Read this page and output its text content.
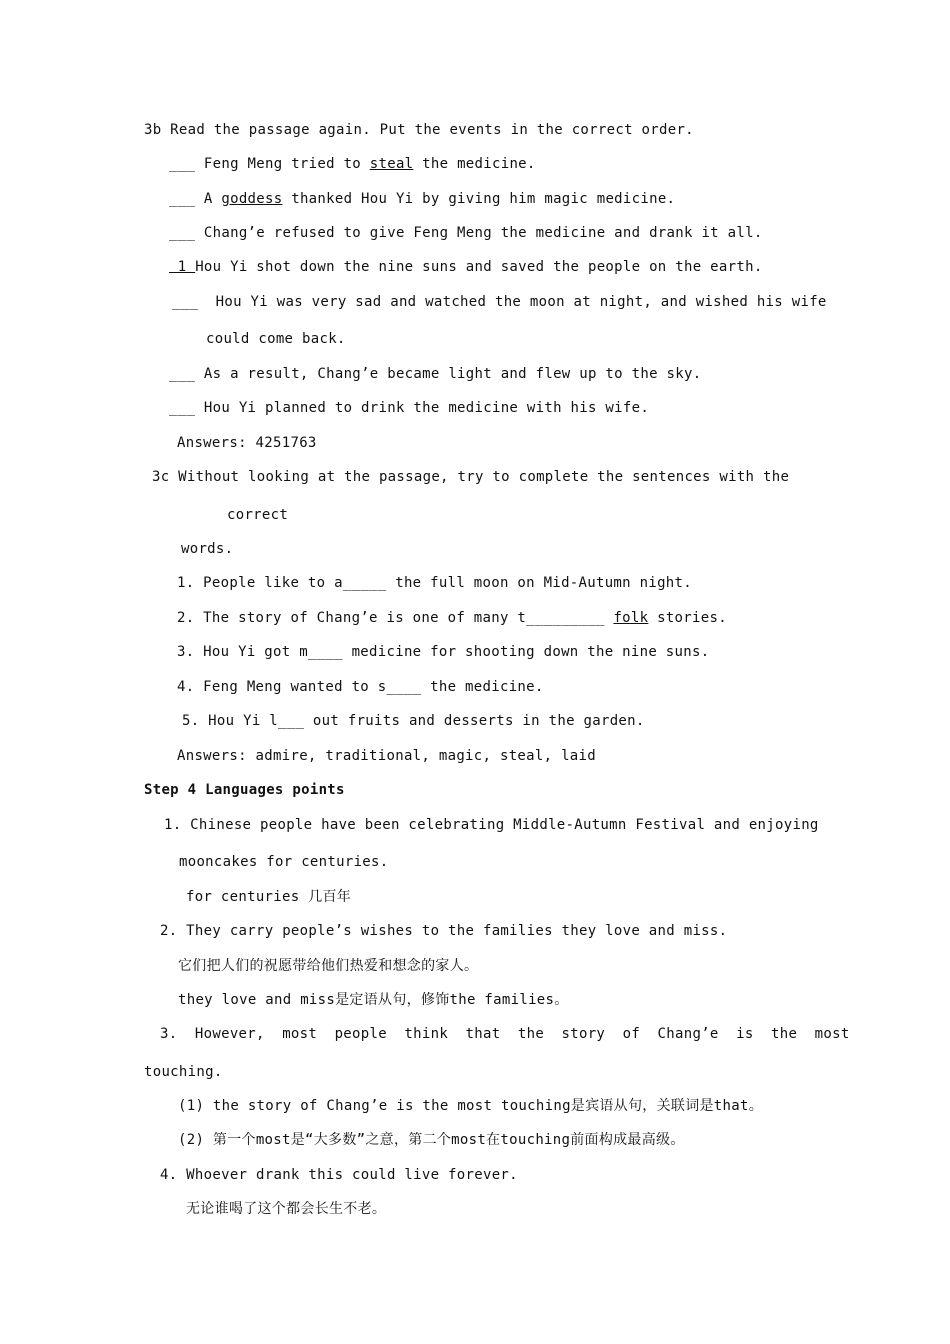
3b Read the passage again. Put the events in the correct order.
___ Feng Meng tried to steal the medicine.
___ A goddess thanked Hou Yi by giving him magic medicine.
___ Chang’e refused to give Feng Meng the medicine and drank it all.
1 Hou Yi shot down the nine suns and saved the people on the earth.
___  Hou Yi was very sad and watched the moon at night, and wished his wife
could come back.
___ As a result, Chang’e became light and flew up to the sky.
___ Hou Yi planned to drink the medicine with his wife.
Answers: 4251763
3c Without looking at the passage, try to complete the sentences with the
correct
words.
1. People like to a_____ the full moon on Mid-Autumn night.
2. The story of Chang’e is one of many t_________ folk stories.
3. Hou Yi got m____ medicine for shooting down the nine suns.
4. Feng Meng wanted to s____ the medicine.
5. Hou Yi l___ out fruits and desserts in the garden.
Answers: admire, traditional, magic, steal, laid
Step 4 Languages points
1. Chinese people have been celebrating Middle-Autumn Festival and enjoying
mooncakes for centuries.
for centuries 几百年
2. They carry people’s wishes to the families they love and miss.
它们把人们的祝愿带给他们热爱和想念的家人。
they love and miss是定语从句，修饰the families。
3.  However,  most  people  think  that  the  story  of  Chang’e  is  the  most
touching.
(1) the story of Chang’e is the most touching是宾语从句，关联词是that。
(2) 第一个most是“大多数”之意，第二个most在touching前面构成最高级。
4. Whoever drank this could live forever.
无论谁喝了这个都会长生不老。
